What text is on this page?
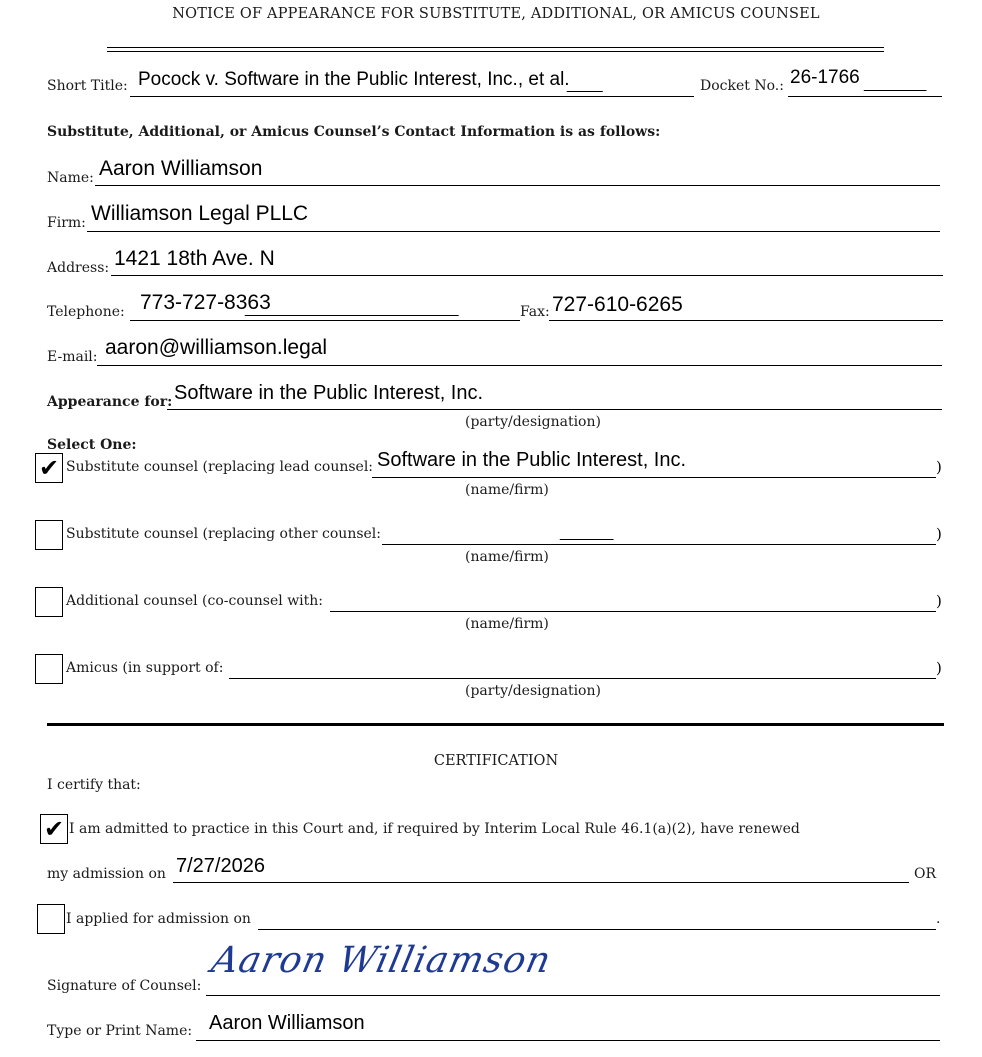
NOTICE OF APPEARANCE FOR SUBSTITUTE, ADDITIONAL, OR AMICUS COUNSEL
Short Title: Pocock v. Software in the Public Interest, Inc., et al.
____	Docket No.: 26-1766 _______
Substitute, Additional, or Amicus Counsel’s Contact Information is as follows:
Name: Aaron Williamson
Firm: Williamson Legal PLLC
Address: 1421 18th Ave. N
Telephone: 773-727-8363
________________________	Fax: 727-610-6265
E-mail: aaron@williamson.legal
Appearance for: Software in the Public Interest, Inc.
(party/designation)
Select One:
✔ Substitute counsel (replacing lead counsel: Software in the Public Interest, Inc.	)
(name/firm)
Substitute counsel (replacing other counsel:	______	)
(name/firm)
Additional counsel (co-counsel with:	)
(name/firm)
Amicus (in support of:	)
(party/designation)
CERTIFICATION
I certify that:
✔ I am admitted to practice in this Court and, if required by Interim Local Rule 46.1(a)(2), have renewed
my admission on 7/27/2026	OR
I applied for admission on	.
Signature of Counsel:
Aaron Williamson
Type or Print Name: Aaron Williamson
